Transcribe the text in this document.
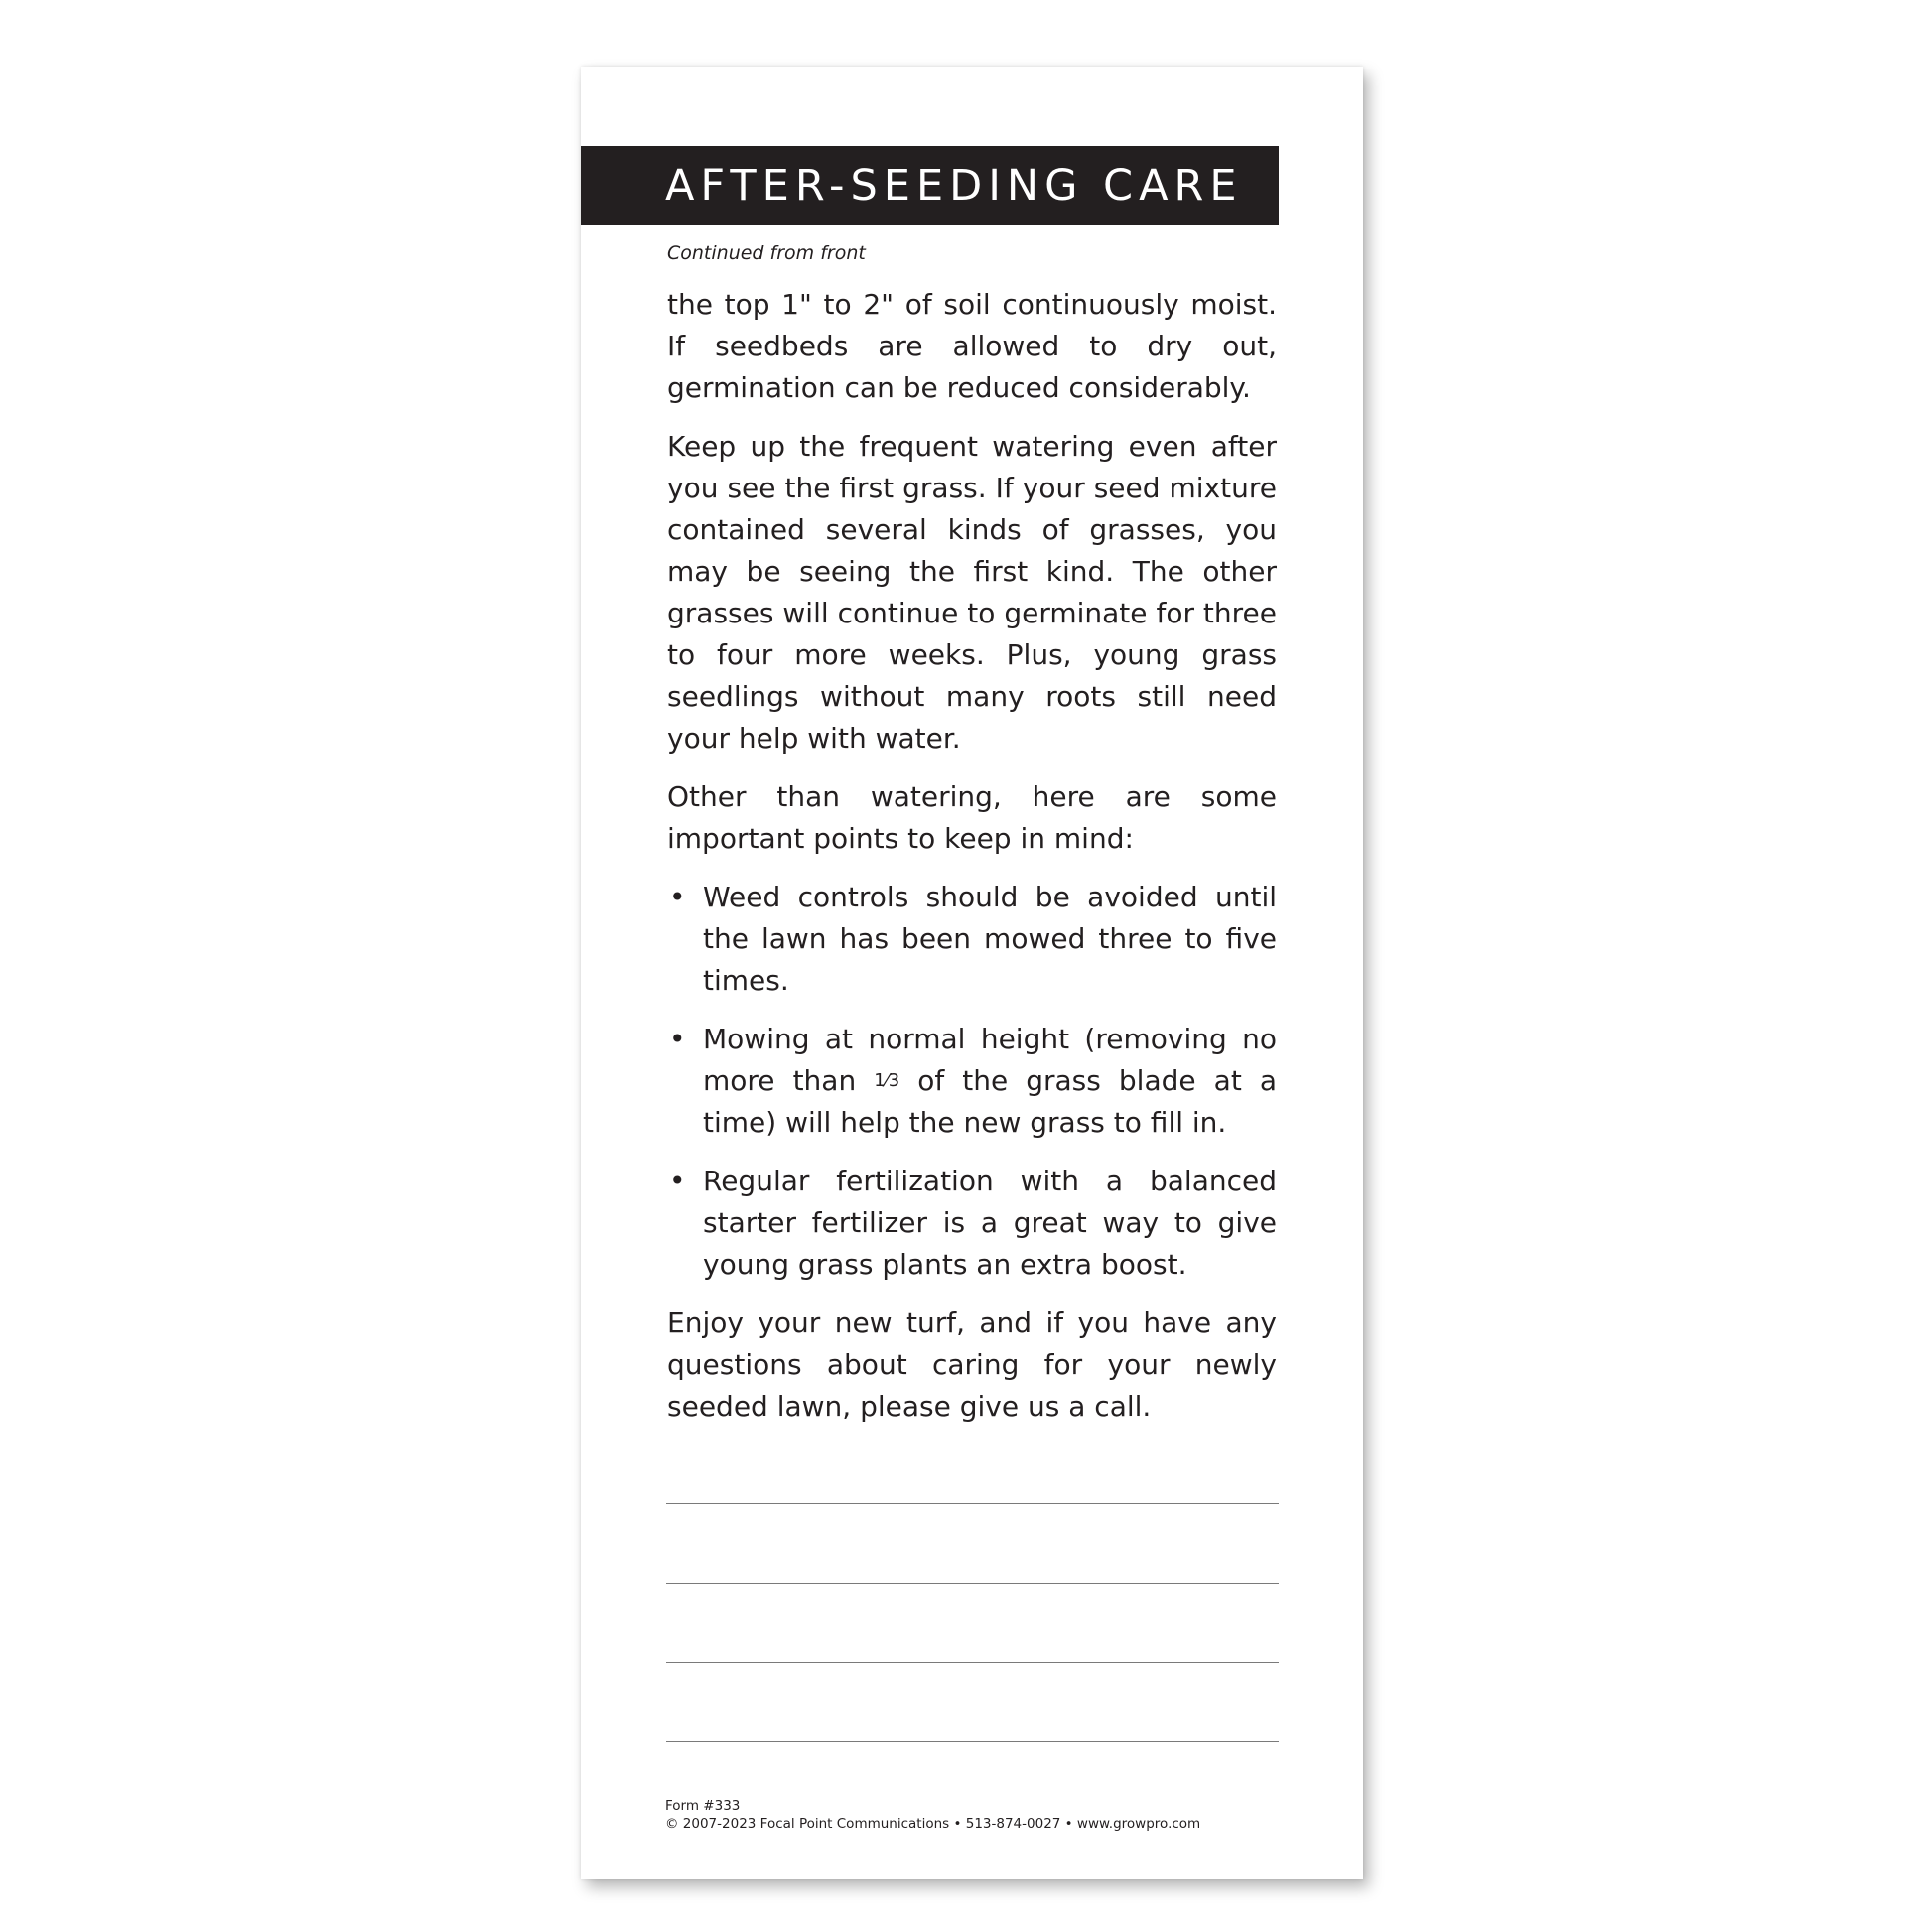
AFTER-SEEDING CARE
Continued from front

the top 1" to 2" of soil continuously moist. If seedbeds are allowed to dry out, germination can be reduced considerably.

Keep up the frequent watering even after you see the first grass. If your seed mixture contained several kinds of grasses, you may be seeing the first kind. The other grasses will continue to germinate for three to four more weeks. Plus, young grass seedlings without many roots still need your help with water.

Other than watering, here are some important points to keep in mind:

• Weed controls should be avoided until the lawn has been mowed three to five times.
• Mowing at normal height (removing no more than 1⁄3 of the grass blade at a time) will help the new grass to fill in.
• Regular fertilization with a balanced starter fertilizer is a great way to give young grass plants an extra boost.

Enjoy your new turf, and if you have any questions about caring for your newly seeded lawn, please give us a call.

Form #333
© 2007-2023 Focal Point Communications • 513-874-0027 • www.growpro.com
